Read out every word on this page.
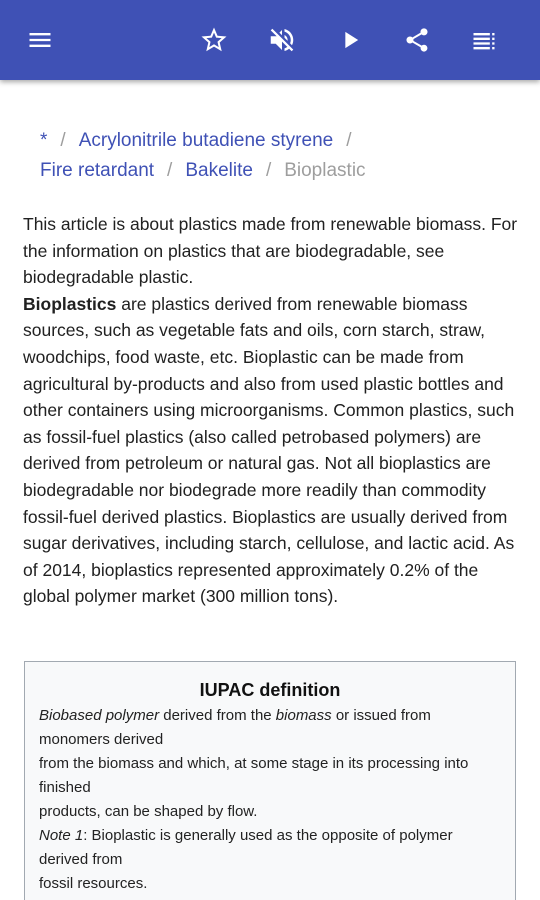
* / Acrylonitrile butadiene styrene /
Fire retardant / Bakelite / Bioplastic

This article is about plastics made from renewable biomass. For the information on plastics that are biodegradable, see biodegradable plastic.

Bioplastics are plastics derived from renewable biomass sources, such as vegetable fats and oils, corn starch, straw, woodchips, food waste, etc. Bioplastic can be made from agricultural by-products and also from used plastic bottles and other containers using microorganisms. Common plastics, such as fossil-fuel plastics (also called petrobased polymers) are derived from petroleum or natural gas. Not all bioplastics are biodegradable nor biodegrade more readily than commodity fossil-fuel derived plastics. Bioplastics are usually derived from sugar derivatives, including starch, cellulose, and lactic acid. As of 2014, bioplastics represented approximately 0.2% of the global polymer market (300 million tons).

IUPAC definition

Biobased polymer derived from the biomass or issued from monomers derived

from the biomass and which, at some stage in its processing into finished

products, can be shaped by flow.

Note 1: Bioplastic is generally used as the opposite of polymer derived from

fossil resources.
